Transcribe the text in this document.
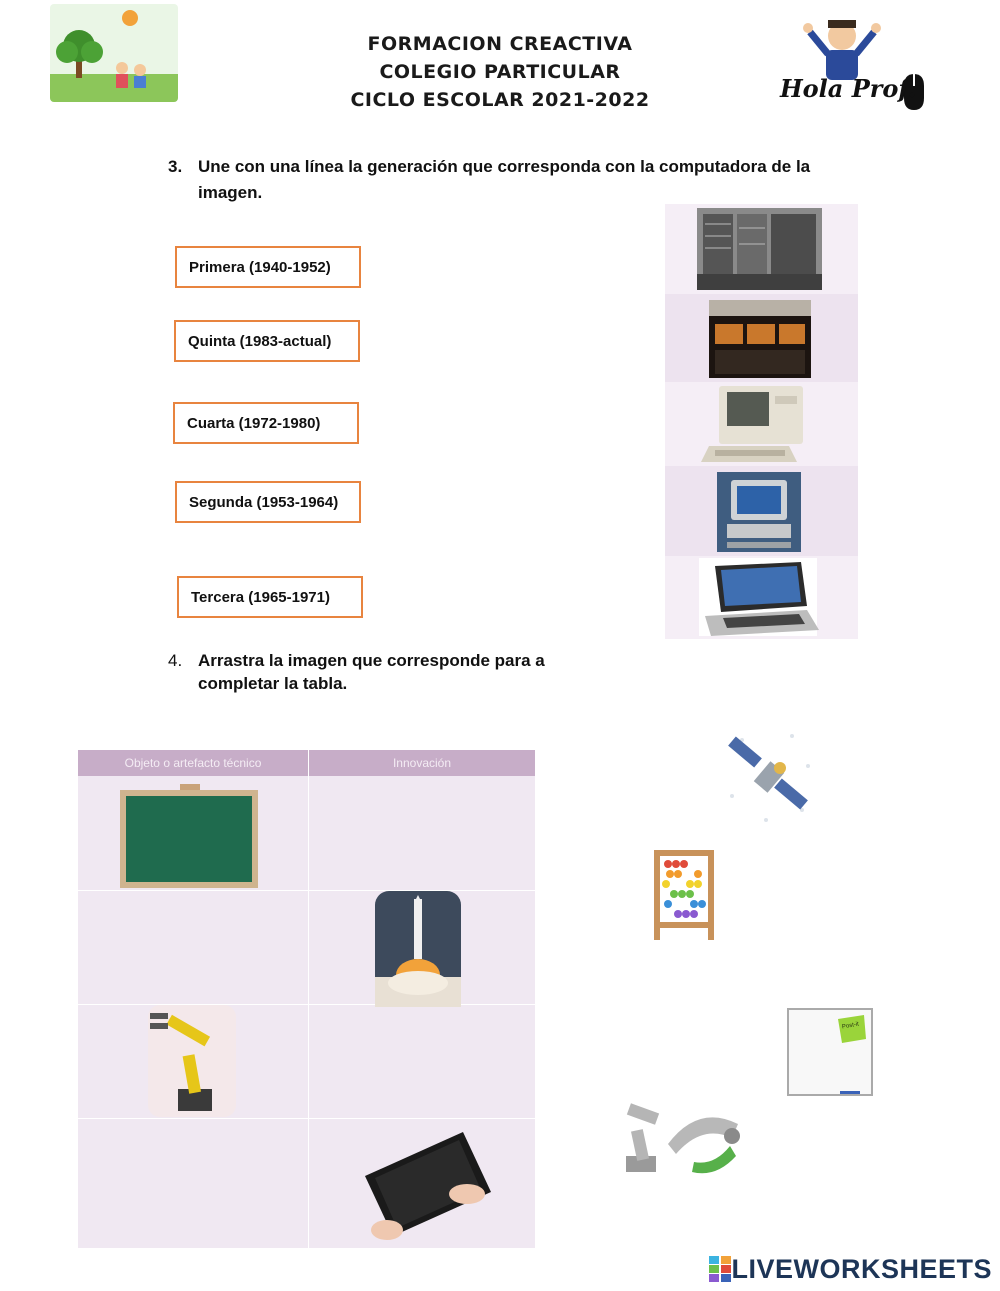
FORMACION CREACTIVA
COLEGIO PARTICULAR
CICLO ESCOLAR 2021-2022	Hola Prof.
3. Une con una línea la generación que corresponda con la computadora de la
imagen.
Primera (1940-1952)
Quinta (1983-actual)
Cuarta (1972-1980)
Segunda (1953-1964)
Tercera (1965-1971)
4. Arrastra la imagen que corresponde para a
completar la tabla.
Objeto o artefacto técnico	Innovación
Post-it
LIVEWORKSHEETS
